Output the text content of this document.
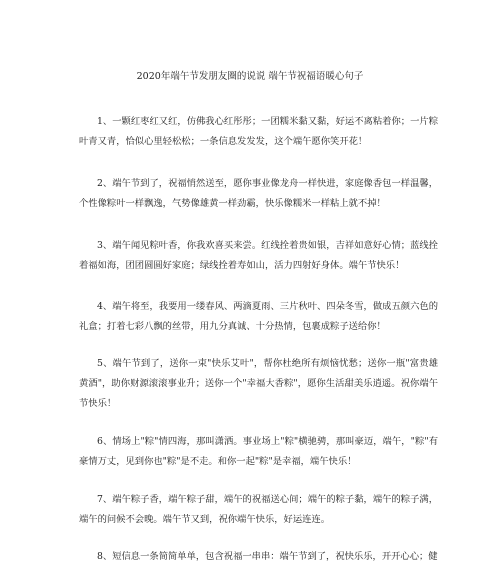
2020年端午节发朋友圈的说说 端午节祝福语暖心句子

1、一颗红枣红又红，仿佛我心红彤彤；一团糯米黏又黏，好运不离粘着你；一片粽叶青又青，恰似心里轻松松；一条信息发发发，这个端午愿你笑开花！

2、端午节到了，祝福悄然送至，愿你事业像龙舟一样快进，家庭像香包一样温馨，个性像粽叶一样飘逸，气势像雄黄一样劲霸，快乐像糯米一样粘上就不掉！

3、端午闻见粽叶香，你我欢喜买来尝。红线拴着贵如银，吉祥如意好心情；蓝线拴着福如海，团团圆圆好家庭；绿线拴着寿如山，活力四射好身体。端午节快乐！

4、端午将至，我要用一缕春风、两滴夏雨、三片秋叶、四朵冬雪，做成五颜六色的礼盒；打着七彩八飘的丝带，用九分真诚、十分热情，包裹成粽子送给你！

5、端午节到了，送你一束"快乐艾叶"，帮你杜绝所有烦恼忧愁；送你一瓶"富贵雄黄酒"，助你财源滚滚事业升；送你一个"幸福大香粽"，愿你生活甜美乐逍遥。祝你端午节快乐！

6、情场上"粽"情四海，那叫潇洒。事业场上"粽"横驰骋，那叫豪迈，端午，"粽"有豪情万丈，见到你也"粽"是不走。和你一起"粽"是幸福，端午快乐！

7、端午粽子香，端午粽子甜，端午的祝福送心间；端午的粽子黏，端午的粽子满，端午的问候不会晚。端午节又到，祝你端午快乐，好运连连。

8、短信息一条简简单单，包含祝福一串串：端午节到了，祝快乐乐，开开心心；健
